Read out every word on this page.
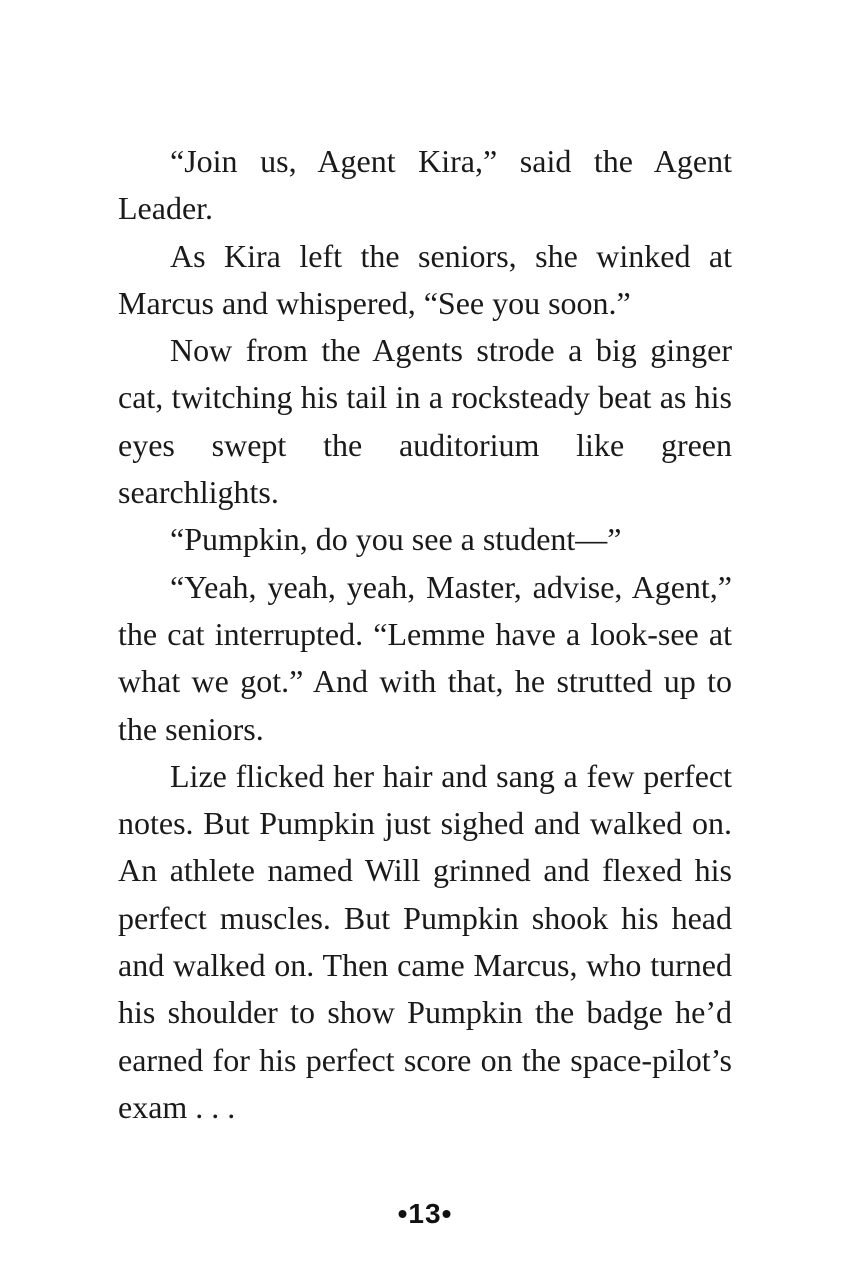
“Join us, Agent Kira,” said the Agent Leader.

As Kira left the seniors, she winked at Marcus and whispered, “See you soon.”

Now from the Agents strode a big ginger cat, twitching his tail in a rocksteady beat as his eyes swept the auditorium like green searchlights.

“Pumpkin, do you see a student—”

“Yeah, yeah, yeah, Master, advise, Agent,” the cat interrupted. “Lemme have a look-see at what we got.” And with that, he strutted up to the seniors.

Lize flicked her hair and sang a few perfect notes. But Pumpkin just sighed and walked on. An athlete named Will grinned and flexed his perfect muscles. But Pumpkin shook his head and walked on. Then came Marcus, who turned his shoulder to show Pumpkin the badge he’d earned for his perfect score on the space-pilot’s exam . . .

•13•
